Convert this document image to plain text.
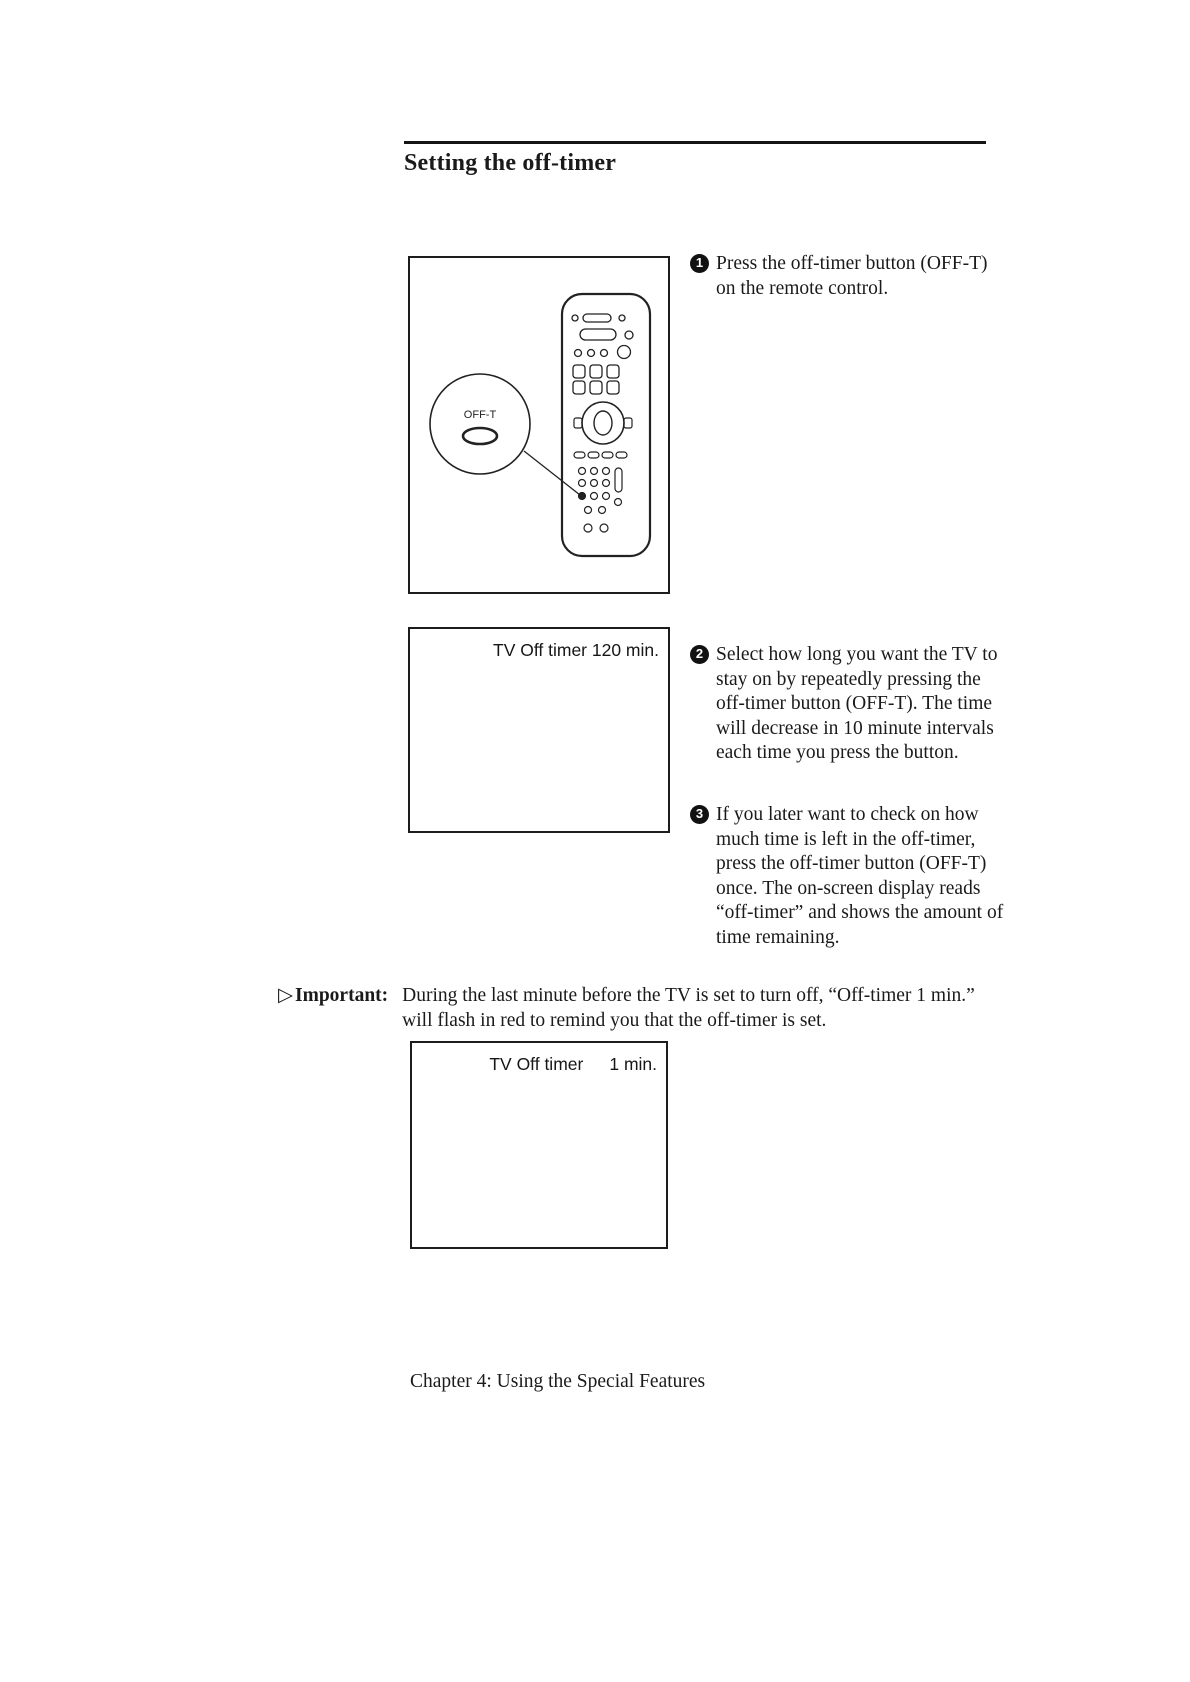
Setting the off-timer
OFF-T
1 Press the off-timer button (OFF-T) on the remote control.
TV Off timer 120 min.	2 Select how long you want the TV to stay on by repeatedly pressing the off-timer button (OFF-T). The time will decrease in 10 minute intervals each time you press the button.
3 If you later want to check on how much time is left in the off-timer, press the off-timer button (OFF-T) once. The on-screen display reads “off-timer” and shows the amount of time remaining.
▷ Important: During the last minute before the TV is set to turn off, “Off-timer 1 min.” will flash in red to remind you that the off-timer is set.
TV Off timer 1 min.
Chapter 4: Using the Special Features
